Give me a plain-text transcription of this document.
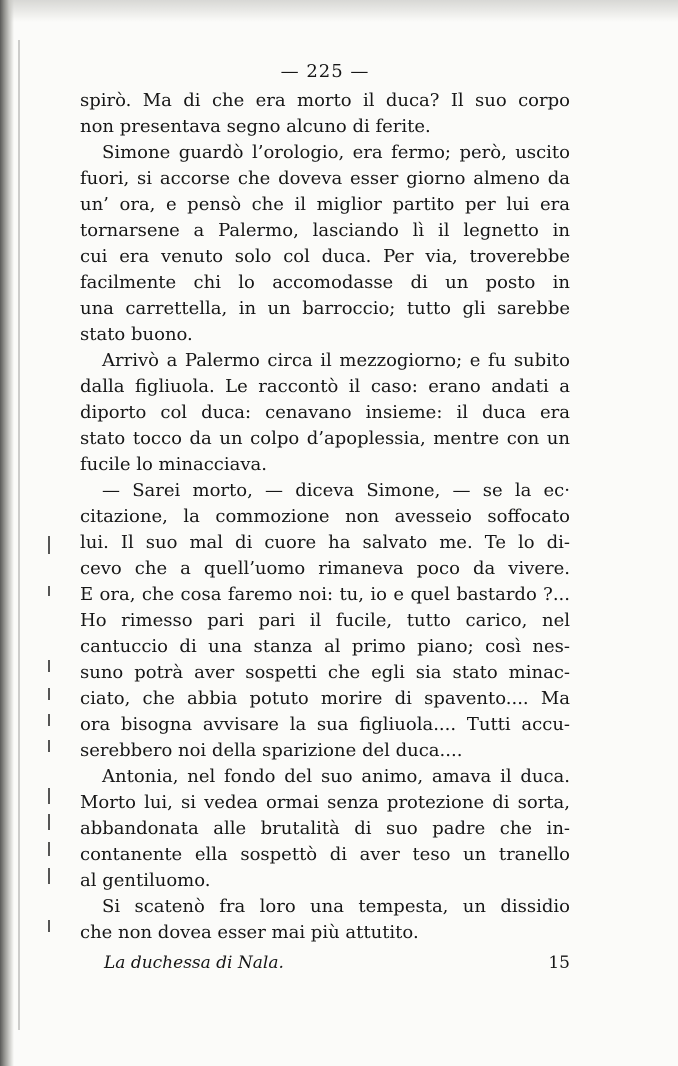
— 225 —
spirò. Ma di che era morto il duca? Il suo corpo
non presentava segno alcuno di ferite.
Simone guardò l’orologio, era fermo; però, uscito
fuori, si accorse che doveva esser giorno almeno da
un’ ora, e pensò che il miglior partito per lui era
tornarsene a Palermo, lasciando lì il legnetto in
cui era venuto solo col duca. Per via, troverebbe
facilmente chi lo accomodasse di un posto in
una carrettella, in un barroccio; tutto gli sarebbe
stato buono.
Arrivò a Palermo circa il mezzogiorno; e fu subito
dalla figliuola. Le raccontò il caso: erano andati a
diporto col duca: cenavano insieme: il duca era
stato tocco da un colpo d’apoplessia, mentre con un
fucile lo minacciava.
— Sarei morto, — diceva Simone, — se la ec·
citazione, la commozione non avesseio soffocato
lui. Il suo mal di cuore ha salvato me. Te lo di-
cevo che a quell’uomo rimaneva poco da vivere.
E ora, che cosa faremo noi: tu, io e quel bastardo ?...
Ho rimesso pari pari il fucile, tutto carico, nel
cantuccio di una stanza al primo piano; così nes-
suno potrà aver sospetti che egli sia stato minac-
ciato, che abbia potuto morire di spavento.... Ma
ora bisogna avvisare la sua figliuola.... Tutti accu-
serebbero noi della sparizione del duca....
Antonia, nel fondo del suo animo, amava il duca.
Morto lui, si vedea ormai senza protezione di sorta,
abbandonata alle brutalità di suo padre che in-
contanente ella sospettò di aver teso un tranello
al gentiluomo.
Si scatenò fra loro una tempesta, un dissidio
che non dovea esser mai più attutito.
La duchessa di Nala.	15
